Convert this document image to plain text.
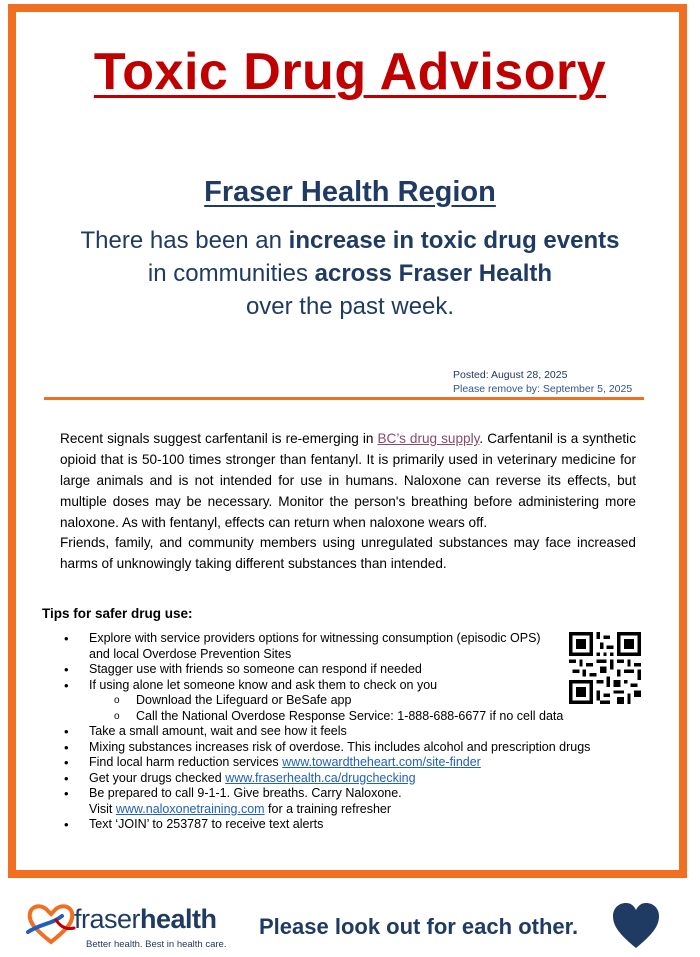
Toxic Drug Advisory
Fraser Health Region
There has been an increase in toxic drug events
in communities across Fraser Health
over the past week.
Posted: August 28, 2025
Please remove by: September 5, 2025

Recent signals suggest carfentanil is re-emerging in BC’s drug supply. Carfentanil is a synthetic opioid that is 50-100 times stronger than fentanyl. It is primarily used in veterinary medicine for large animals and is not intended for use in humans. Naloxone can reverse its effects, but multiple doses may be necessary. Monitor the person's breathing before administering more naloxone. As with fentanyl, effects can return when naloxone wears off.

Friends, family, and community members using unregulated substances may face increased harms of unknowingly taking different substances than intended.

Tips for safer drug use:
• Explore with service providers options for witnessing consumption (episodic OPS)
and local Overdose Prevention Sites
• Stagger use with friends so someone can respond if needed
• If using alone let someone know and ask them to check on you
o Download the Lifeguard or BeSafe app
o Call the National Overdose Response Service: 1-888-688-6677 if no cell data
• Take a small amount, wait and see how it feels
• Mixing substances increases risk of overdose. This includes alcohol and prescription drugs
• Find local harm reduction services www.towardtheheart.com/site-finder
• Get your drugs checked www.fraserhealth.ca/drugchecking
• Be prepared to call 9-1-1. Give breaths. Carry Naloxone.
Visit www.naloxonetraining.com for a training refresher
• Text ‘JOIN’ to 253787 to receive text alerts
fraserhealth
Better health. Best in health care.
Please look out for each other.
